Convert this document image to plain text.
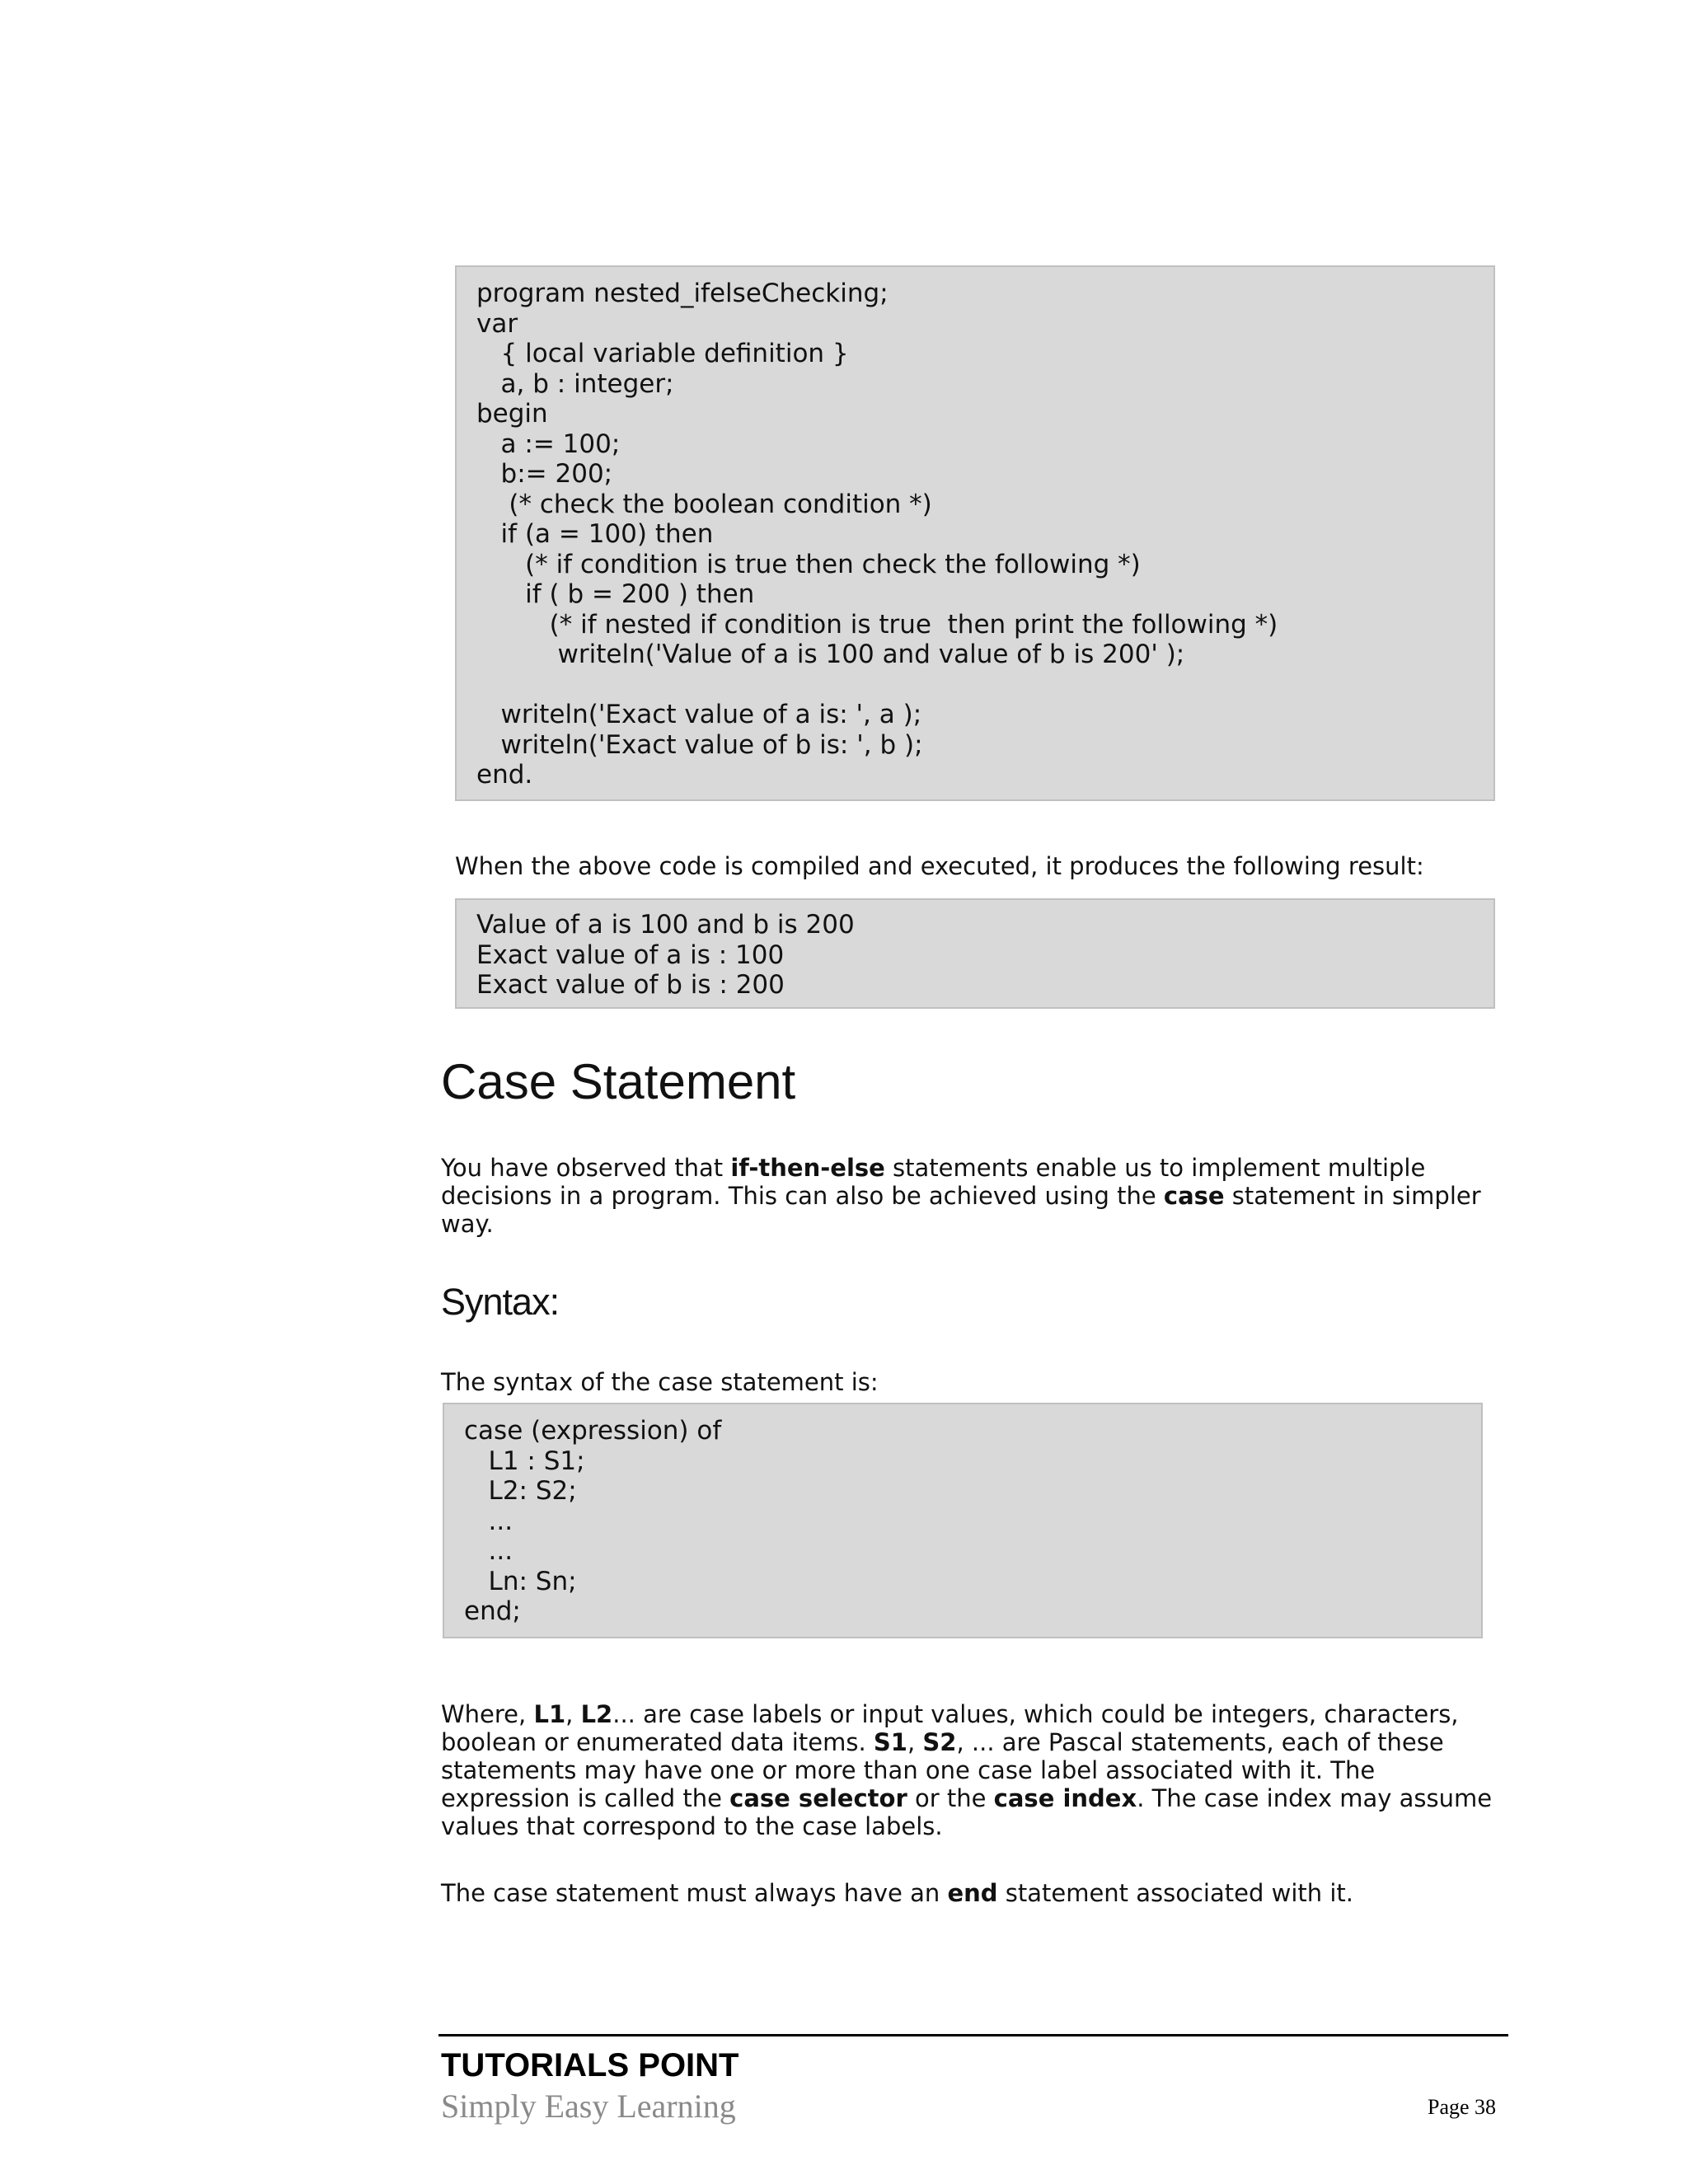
program nested_ifelseChecking;
var
{ local variable definition }
a, b : integer;
begin
a := 100;
b:= 200;
(* check the boolean condition *)
if (a = 100) then
(* if condition is true then check the following *)
if ( b = 200 ) then
(* if nested if condition is true  then print the following *)
writeln('Value of a is 100 and value of b is 200' );
writeln('Exact value of a is: ', a );
writeln('Exact value of b is: ', b );
end.
When the above code is compiled and executed, it produces the following result:
Value of a is 100 and b is 200
Exact value of a is : 100
Exact value of b is : 200
Case Statement
You have observed that if-then-else statements enable us to implement multiple decisions in a program. This can also be achieved using the case statement in simpler way.
Syntax:
The syntax of the case statement is:
case (expression) of
L1 : S1;
L2: S2;
...
...
Ln: Sn;
end;
Where, L1, L2... are case labels or input values, which could be integers, characters, boolean or enumerated data items. S1, S2, ... are Pascal statements, each of these statements may have one or more than one case label associated with it. The expression is called the case selector or the case index. The case index may assume values that correspond to the case labels.
The case statement must always have an end statement associated with it.
TUTORIALS POINT
Simply Easy Learning	Page 38
